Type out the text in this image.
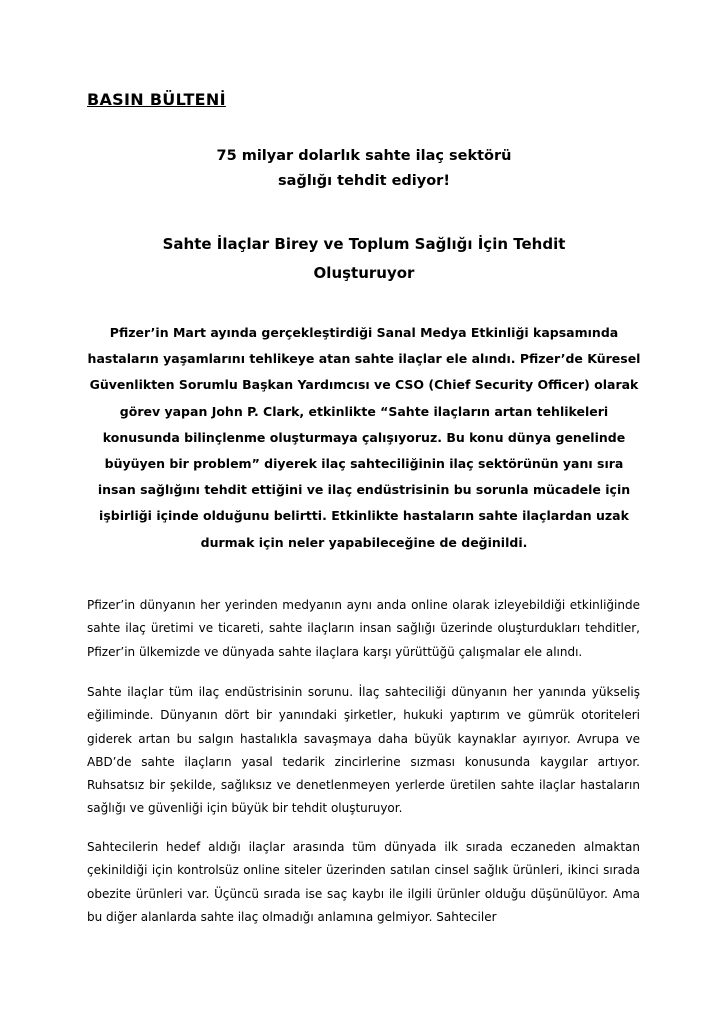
BASIN BÜLTENİ

75 milyar dolarlık sahte ilaç sektörü

sağlığı tehdit ediyor!

Sahte İlaçlar Birey ve Toplum Sağlığı İçin Tehdit

Oluşturuyor

Pfizer’in Mart ayında gerçekleştirdiği Sanal Medya Etkinliği kapsamında hastaların yaşamlarını tehlikeye atan sahte ilaçlar ele alındı. Pfizer’de Küresel Güvenlikten Sorumlu Başkan Yardımcısı ve CSO (Chief Security Officer) olarak görev yapan John P. Clark, etkinlikte “Sahte ilaçların artan tehlikeleri konusunda bilinçlenme oluşturmaya çalışıyoruz. Bu konu dünya genelinde büyüyen bir problem” diyerek ilaç sahteciliğinin ilaç sektörünün yanı sıra insan sağlığını tehdit ettiğini ve ilaç endüstrisinin bu sorunla mücadele için işbirliği içinde olduğunu belirtti. Etkinlikte hastaların sahte ilaçlardan uzak durmak için neler yapabileceğine de değinildi.

Pfizer’in dünyanın her yerinden medyanın aynı anda online olarak izleyebildiği etkinliğinde sahte ilaç üretimi ve ticareti, sahte ilaçların insan sağlığı üzerinde oluşturdukları tehditler, Pfizer’in ülkemizde ve dünyada sahte ilaçlara karşı yürüttüğü çalışmalar ele alındı.

Sahte ilaçlar tüm ilaç endüstrisinin sorunu. İlaç sahteciliği dünyanın her yanında yükseliş eğiliminde. Dünyanın dört bir yanındaki şirketler, hukuki yaptırım ve gümrük otoriteleri giderek artan bu salgın hastalıkla savaşmaya daha büyük kaynaklar ayırıyor. Avrupa ve ABD’de sahte ilaçların yasal tedarik zincirlerine sızması konusunda kaygılar artıyor. Ruhsatsız bir şekilde, sağlıksız ve denetlenmeyen yerlerde üretilen sahte ilaçlar hastaların sağlığı ve güvenliği için büyük bir tehdit oluşturuyor.

Sahtecilerin hedef aldığı ilaçlar arasında tüm dünyada ilk sırada eczaneden almaktan çekinildiği için kontrolsüz online siteler üzerinden satılan cinsel sağlık ürünleri, ikinci sırada obezite ürünleri var. Üçüncü sırada ise saç kaybı ile ilgili ürünler olduğu düşünülüyor. Ama bu diğer alanlarda sahte ilaç olmadığı anlamına gelmiyor. Sahteciler
